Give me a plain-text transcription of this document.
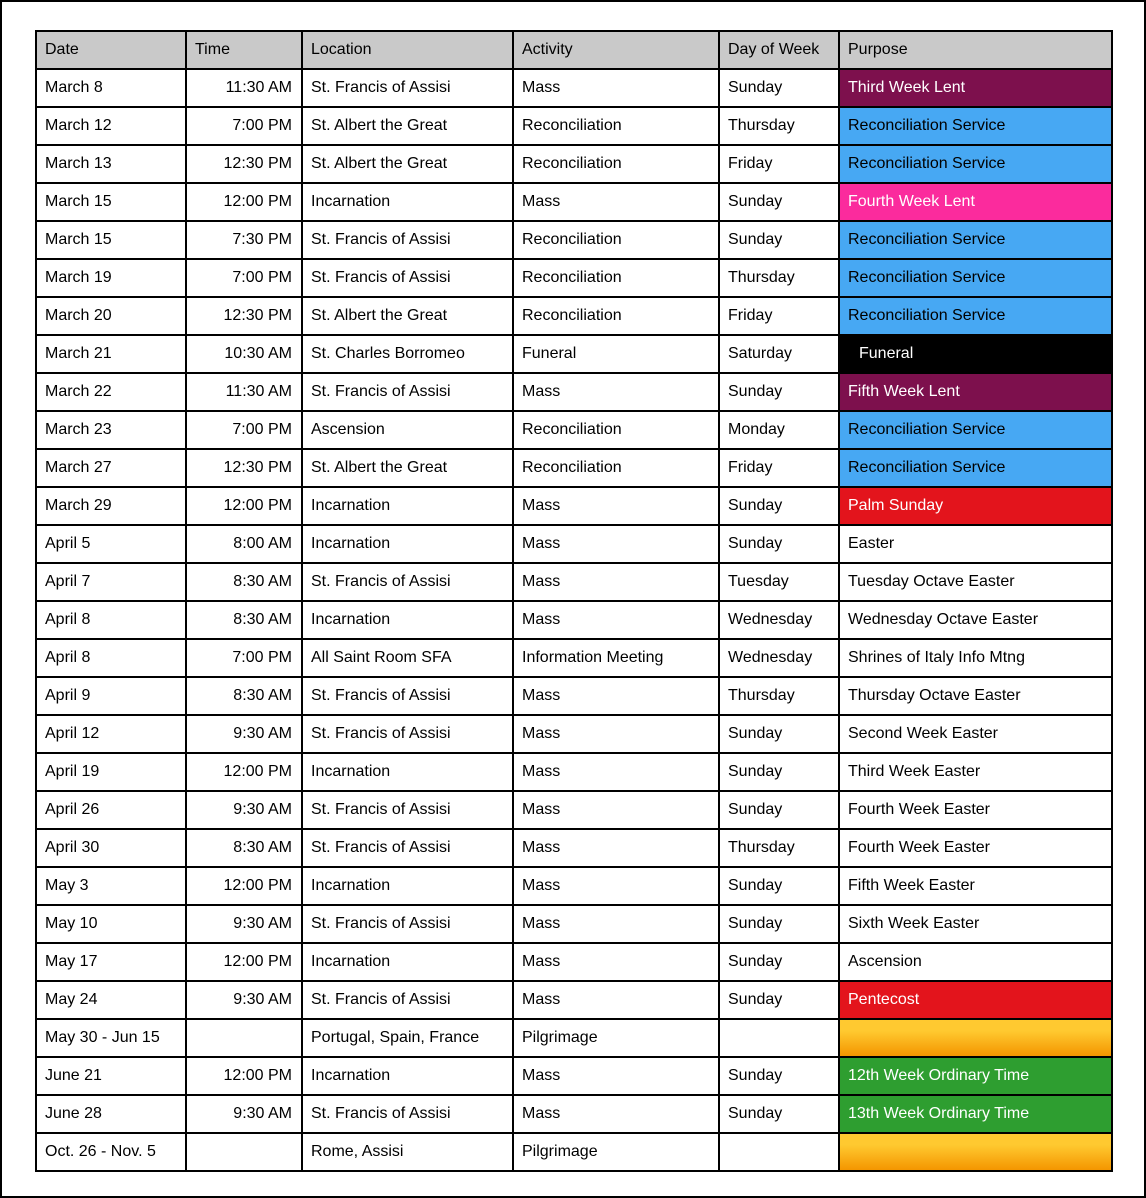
Date	Time	Location	Activity	Day of Week	Purpose
March 8	11:30 AM	St. Francis of Assisi	Mass	Sunday	Third Week Lent
March 12	7:00 PM	St. Albert the Great	Reconciliation	Thursday	Reconciliation Service
March 13	12:30 PM	St. Albert the Great	Reconciliation	Friday	Reconciliation Service
March 15	12:00 PM	Incarnation	Mass	Sunday	Fourth Week Lent
March 15	7:30 PM	St. Francis of Assisi	Reconciliation	Sunday	Reconciliation Service
March 19	7:00 PM	St. Francis of Assisi	Reconciliation	Thursday	Reconciliation Service
March 20	12:30 PM	St. Albert the Great	Reconciliation	Friday	Reconciliation Service
March 21	10:30 AM	St. Charles Borromeo	Funeral	Saturday	Funeral
March 22	11:30 AM	St. Francis of Assisi	Mass	Sunday	Fifth Week Lent
March 23	7:00 PM	Ascension	Reconciliation	Monday	Reconciliation Service
March 27	12:30 PM	St. Albert the Great	Reconciliation	Friday	Reconciliation Service
March 29	12:00 PM	Incarnation	Mass	Sunday	Palm Sunday
April 5	8:00 AM	Incarnation	Mass	Sunday	Easter
April 7	8:30 AM	St. Francis of Assisi	Mass	Tuesday	Tuesday Octave Easter
April 8	8:30 AM	Incarnation	Mass	Wednesday	Wednesday Octave Easter
April 8	7:00 PM	All Saint Room SFA	Information Meeting	Wednesday	Shrines of Italy Info Mtng
April 9	8:30 AM	St. Francis of Assisi	Mass	Thursday	Thursday Octave Easter
April 12	9:30 AM	St. Francis of Assisi	Mass	Sunday	Second Week Easter
April 19	12:00 PM	Incarnation	Mass	Sunday	Third Week Easter
April 26	9:30 AM	St. Francis of Assisi	Mass	Sunday	Fourth Week Easter
April 30	8:30 AM	St. Francis of Assisi	Mass	Thursday	Fourth Week Easter
May 3	12:00 PM	Incarnation	Mass	Sunday	Fifth Week Easter
May 10	9:30 AM	St. Francis of Assisi	Mass	Sunday	Sixth Week Easter
May 17	12:00 PM	Incarnation	Mass	Sunday	Ascension
May 24	9:30 AM	St. Francis of Assisi	Mass	Sunday	Pentecost
May 30 - Jun 15		Portugal, Spain, France	Pilgrimage		
June 21	12:00 PM	Incarnation	Mass	Sunday	12th Week Ordinary Time
June 28	9:30 AM	St. Francis of Assisi	Mass	Sunday	13th Week Ordinary Time
Oct. 26 - Nov. 5		Rome, Assisi	Pilgrimage		
